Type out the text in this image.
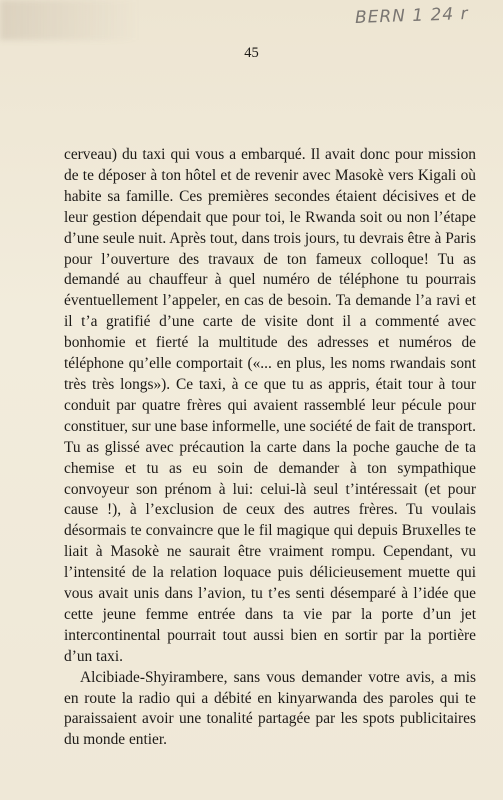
BERN 1 24 r
45

cerveau) du taxi qui vous a embarqué. Il avait donc pour mission de te déposer à ton hôtel et de revenir avec Masokè vers Kigali où habite sa famille. Ces premières secondes étaient décisives et de leur gestion dépendait que pour toi, le Rwanda soit ou non l’étape d’une seule nuit. Après tout, dans trois jours, tu devrais être à Paris pour l’ouverture des travaux de ton fameux colloque! Tu as demandé au chauffeur à quel numéro de téléphone tu pourrais éventuellement l’appeler, en cas de besoin. Ta demande l’a ravi et il t’a gratifié d’une carte de visite dont il a commenté avec bonhomie et fierté la multitude des adresses et numéros de téléphone qu’elle comportait («... en plus, les noms rwandais sont très très longs»). Ce taxi, à ce que tu as appris, était tour à tour conduit par quatre frères qui avaient rassemblé leur pécule pour constituer, sur une base informelle, une société de fait de transport. Tu as glissé avec précaution la carte dans la poche gauche de ta chemise et tu as eu soin de demander à ton sympathique convoyeur son prénom à lui: celui-là seul t’intéressait (et pour cause !), à l’exclusion de ceux des autres frères. Tu voulais désormais te convaincre que le fil magique qui depuis Bruxelles te liait à Masokè ne saurait être vraiment rompu. Cependant, vu l’intensité de la relation loquace puis délicieusement muette qui vous avait unis dans l’avion, tu t’es senti désemparé à l’idée que cette jeune femme entrée dans ta vie par la porte d’un jet intercontinental pourrait tout aussi bien en sortir par la portière d’un taxi.

Alcibiade-Shyirambere, sans vous demander votre avis, a mis en route la radio qui a débité en kinyarwanda des paroles qui te paraissaient avoir une tonalité partagée par les spots publicitaires du monde entier.
